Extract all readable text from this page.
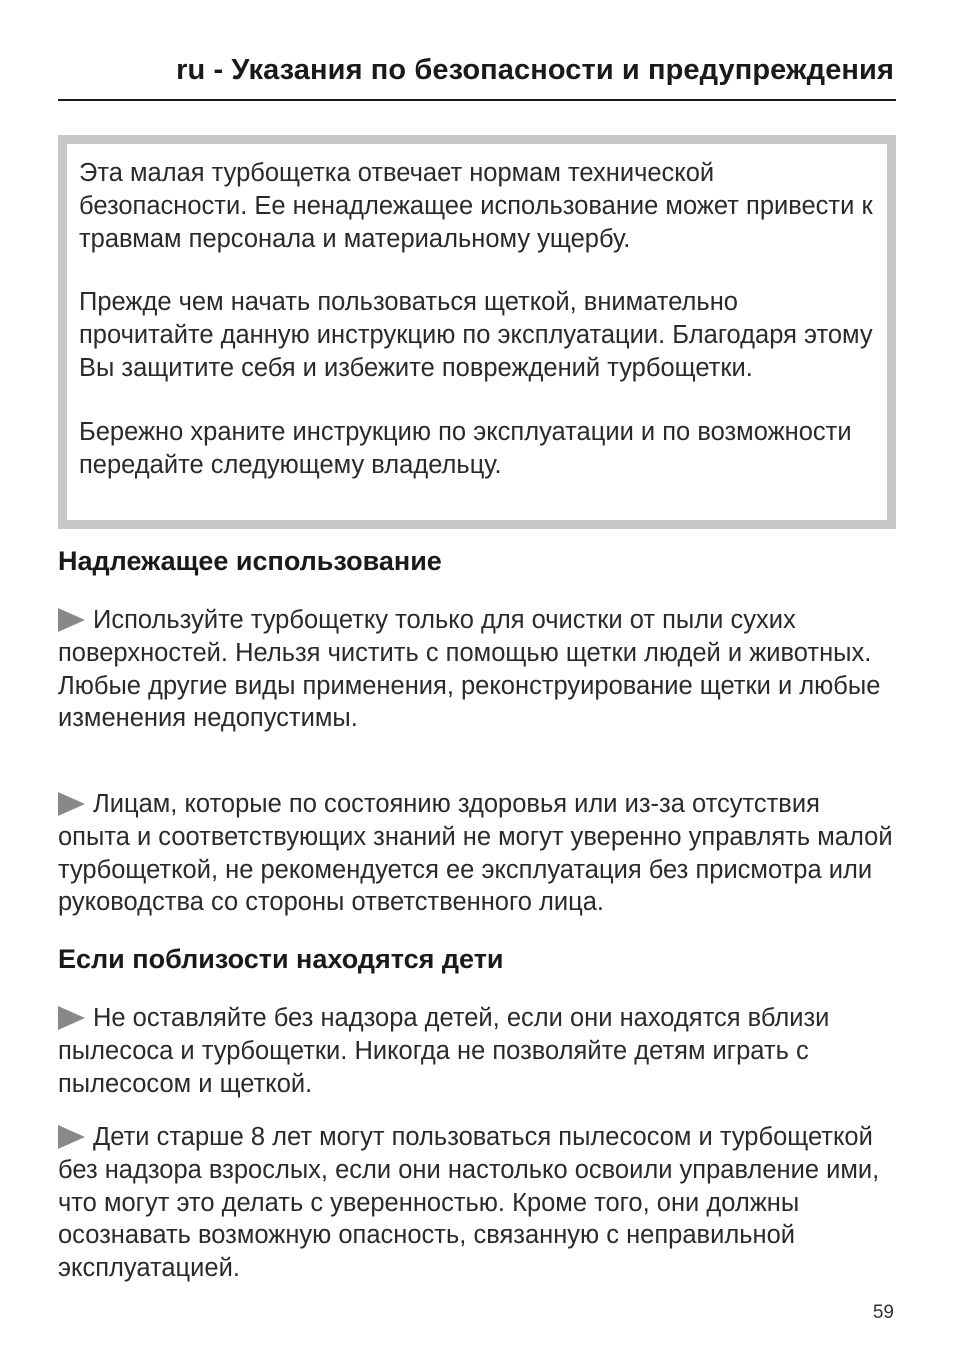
ru - Указания по безопасности и предупреждения

Эта малая турбощетка отвечает нормам технической безопасности. Ее ненадлежащее использование может привести к травмам персонала и материальному ущербу.

Прежде чем начать пользоваться щеткой, внимательно прочитайте данную инструкцию по эксплуатации. Благодаря этому Вы защитите себя и избежите повреждений турбощетки.

Бережно храните инструкцию по эксплуатации и по возможности передайте следующему владельцу.

Надлежащее использование

Используйте турбощетку только для очистки от пыли сухих поверхностей. Нельзя чистить с помощью щетки людей и животных.

Любые другие виды применения, реконструирование щетки и любые изменения недопустимы.

Лицам, которые по состоянию здоровья или из-за отсутствия опыта и соответствующих знаний не могут уверенно управлять малой турбощеткой, не рекомендуется ее эксплуатация без присмотра или руководства со стороны ответственного лица.

Если поблизости находятся дети

Не оставляйте без надзора детей, если они находятся вблизи пылесоса и турбощетки. Никогда не позволяйте детям играть с пылесосом и щеткой.

Дети старше 8 лет могут пользоваться пылесосом и турбощеткой без надзора взрослых, если они настолько освоили управление ими, что могут это делать с уверенностью. Кроме того, они должны осознавать возможную опасность, связанную с неправильной эксплуатацией.

59
